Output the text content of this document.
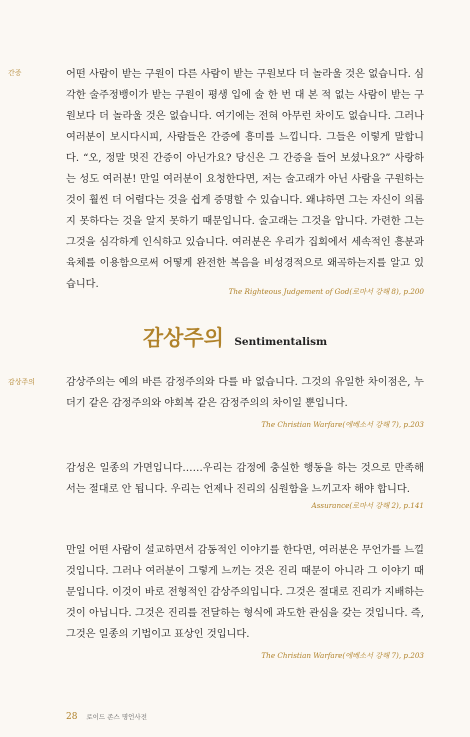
간증	어떤 사람이 받는 구원이 다른 사람이 받는 구원보다 더 놀라울 것은 없습니다. 심각한 술주정뱅이가 받는 구원이 평생 입에 술 한 번 대 본 적 없는 사람이 받는 구원보다 더 놀라울 것은 없습니다. 여기에는 전혀 아무런 차이도 없습니다. 그러나 여러분이 보시다시피, 사람들은 간증에 흥미를 느낍니다. 그들은 이렇게 말합니다. “오, 정말 멋진 간증이 아닌가요? 당신은 그 간증을 들어 보셨나요?” 사랑하는 성도 여러분! 만일 여러분이 요청한다면, 저는 술고래가 아닌 사람을 구원하는 것이 훨씬 더 어렵다는 것을 쉽게 증명할 수 있습니다. 왜냐하면 그는 자신이 의롭지 못하다는 것을 알지 못하기 때문입니다. 술고래는 그것을 압니다. 가련한 그는 그것을 심각하게 인식하고 있습니다. 여러분은 우리가 집회에서 세속적인 흥분과 육체를 이용함으로써 어떻게 완전한 복음을 비성경적으로 왜곡하는지를 알고 있습니다.

The Righteous Judgement of God(로마서 강해 8), p.200
감상주의 Sentimentalism
감상주의	감상주의는 예의 바른 감정주의와 다를 바 없습니다. 그것의 유일한 차이점은, 누더기 같은 감정주의와 야회복 같은 감정주의의 차이일 뿐입니다.

The Christian Warfare(에베소서 강해 7), p.203

감성은 일종의 가면입니다……우리는 감정에 충실한 행동을 하는 것으로 만족해서는 절대로 안 됩니다. 우리는 언제나 진리의 심원함을 느끼고자 해야 합니다.

Assurance(로마서 강해 2), p.141

만일 어떤 사람이 설교하면서 감동적인 이야기를 한다면, 여러분은 무언가를 느낄 것입니다. 그러나 여러분이 그렇게 느끼는 것은 진리 때문이 아니라 그 이야기 때문입니다. 이것이 바로 전형적인 감상주의입니다. 그것은 절대로 진리가 지배하는 것이 아닙니다. 그것은 진리를 전달하는 형식에 과도한 관심을 갖는 것입니다. 즉, 그것은 일종의 기법이고 표상인 것입니다.

The Christian Warfare(에베소서 강해 7), p.203
28 로이드 존스 명언사전
